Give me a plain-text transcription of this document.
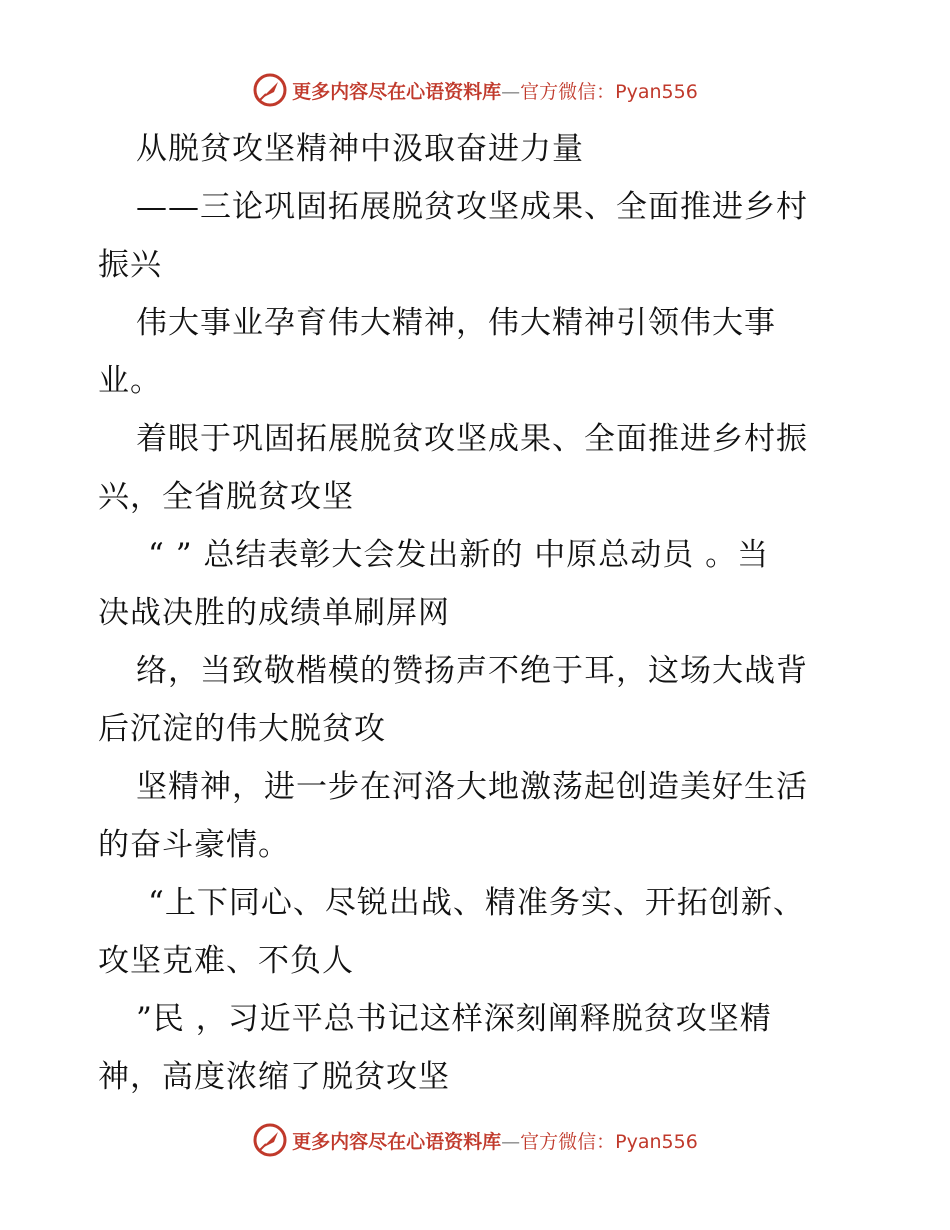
更多内容尽在心语资料库—官方微信：Pyan556
从脱贫攻坚精神中汲取奋进力量
——三论巩固拓展脱贫攻坚成果、全面推进乡村
振兴
伟大事业孕育伟大精神，伟大精神引领伟大事
业。
着眼于巩固拓展脱贫攻坚成果、全面推进乡村振
兴，全省脱贫攻坚
“ ” 总结表彰大会发出新的 中原总动员 。当
决战决胜的成绩单刷屏网
络，当致敬楷模的赞扬声不绝于耳，这场大战背
后沉淀的伟大脱贫攻
坚精神，进一步在河洛大地激荡起创造美好生活
的奋斗豪情。
“上下同心、尽锐出战、精准务实、开拓创新、
攻坚克难、不负人
”民 ，习近平总书记这样深刻阐释脱贫攻坚精
神，高度浓缩了脱贫攻坚
更多内容尽在心语资料库—官方微信：Pyan556
